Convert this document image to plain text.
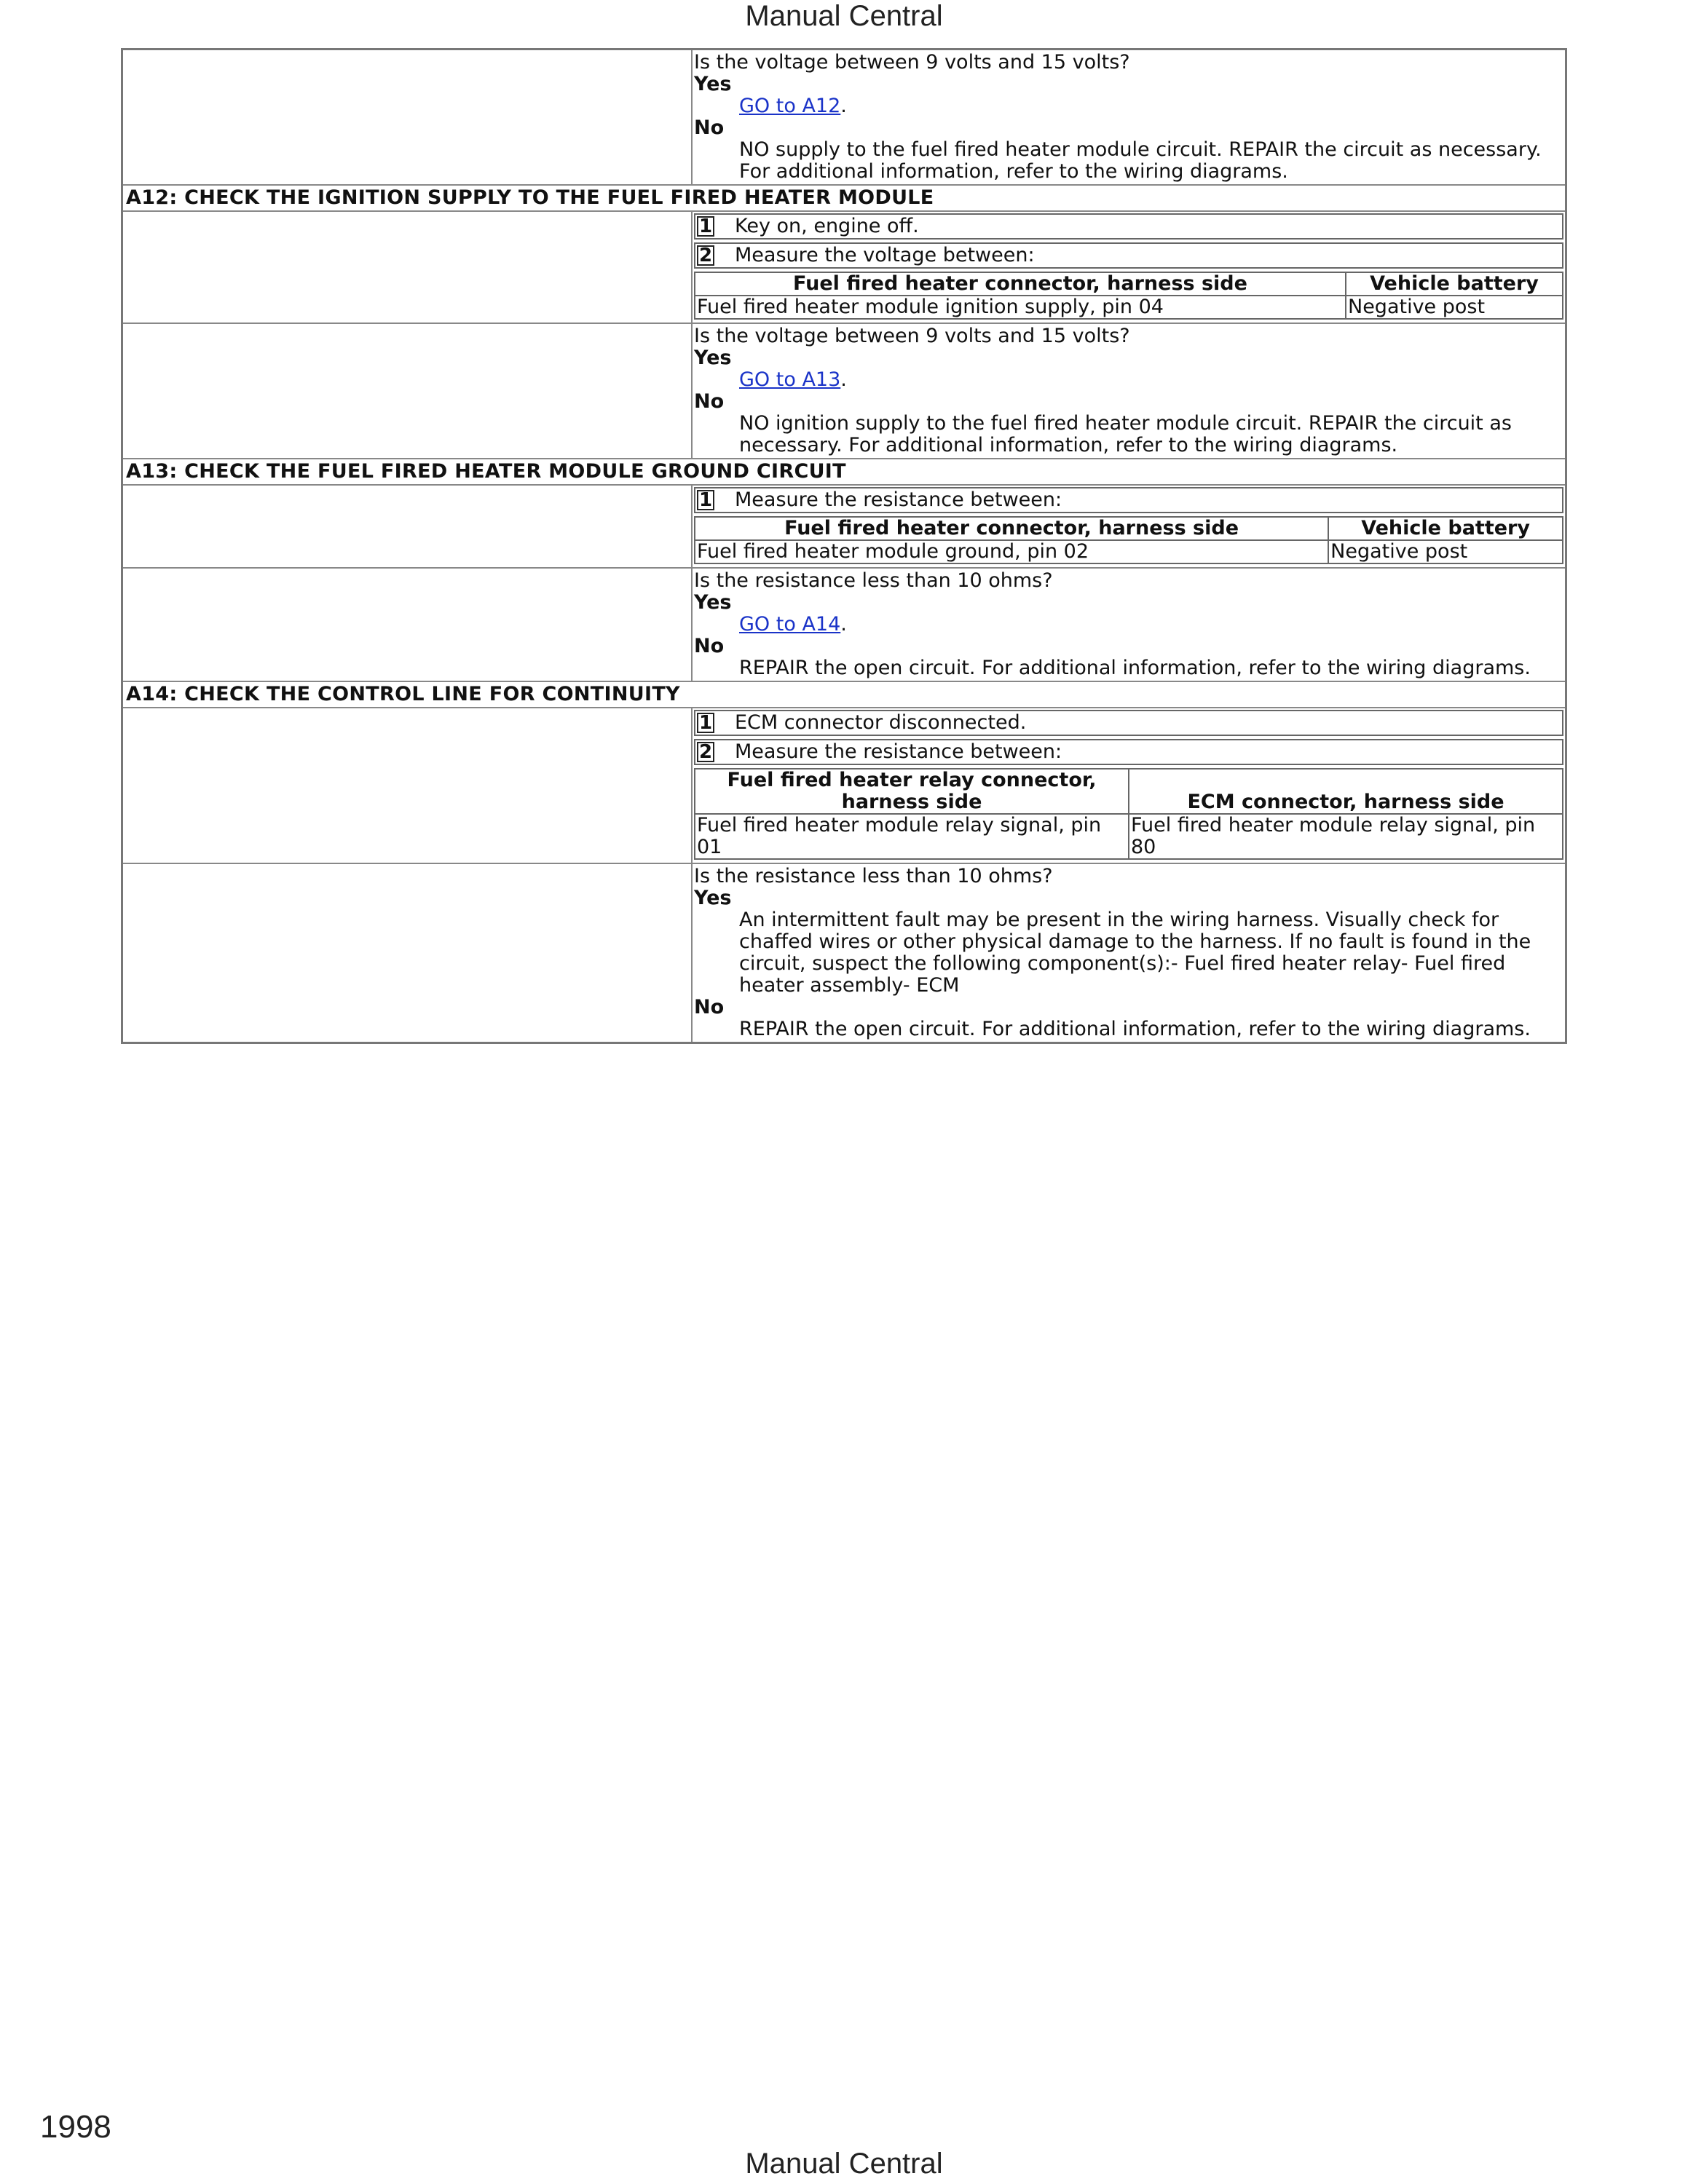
Manual Central
Is the voltage between 9 volts and 15 volts?
Yes
GO to A12.
No
NO supply to the fuel fired heater module circuit. REPAIR the circuit as necessary. For additional information, refer to the wiring diagrams.
A12: CHECK THE IGNITION SUPPLY TO THE FUEL FIRED HEATER MODULE
1	Key on, engine off.
2	Measure the voltage between:
Fuel fired heater connector, harness side	Vehicle battery
Fuel fired heater module ignition supply, pin 04	Negative post
Is the voltage between 9 volts and 15 volts?
Yes
GO to A13.
No
NO ignition supply to the fuel fired heater module circuit. REPAIR the circuit as necessary. For additional information, refer to the wiring diagrams.
A13: CHECK THE FUEL FIRED HEATER MODULE GROUND CIRCUIT
1	Measure the resistance between:
Fuel fired heater connector, harness side	Vehicle battery
Fuel fired heater module ground, pin 02	Negative post
Is the resistance less than 10 ohms?
Yes
GO to A14.
No
REPAIR the open circuit. For additional information, refer to the wiring diagrams.
A14: CHECK THE CONTROL LINE FOR CONTINUITY
1	ECM connector disconnected.
2	Measure the resistance between:
Fuel fired heater relay connector, harness side	ECM connector, harness side
Fuel fired heater module relay signal, pin 01	Fuel fired heater module relay signal, pin 80
Is the resistance less than 10 ohms?
Yes
An intermittent fault may be present in the wiring harness. Visually check for chaffed wires or other physical damage to the harness. If no fault is found in the circuit, suspect the following component(s):- Fuel fired heater relay- Fuel fired heater assembly- ECM
No
REPAIR the open circuit. For additional information, refer to the wiring diagrams.
1998
Manual Central
